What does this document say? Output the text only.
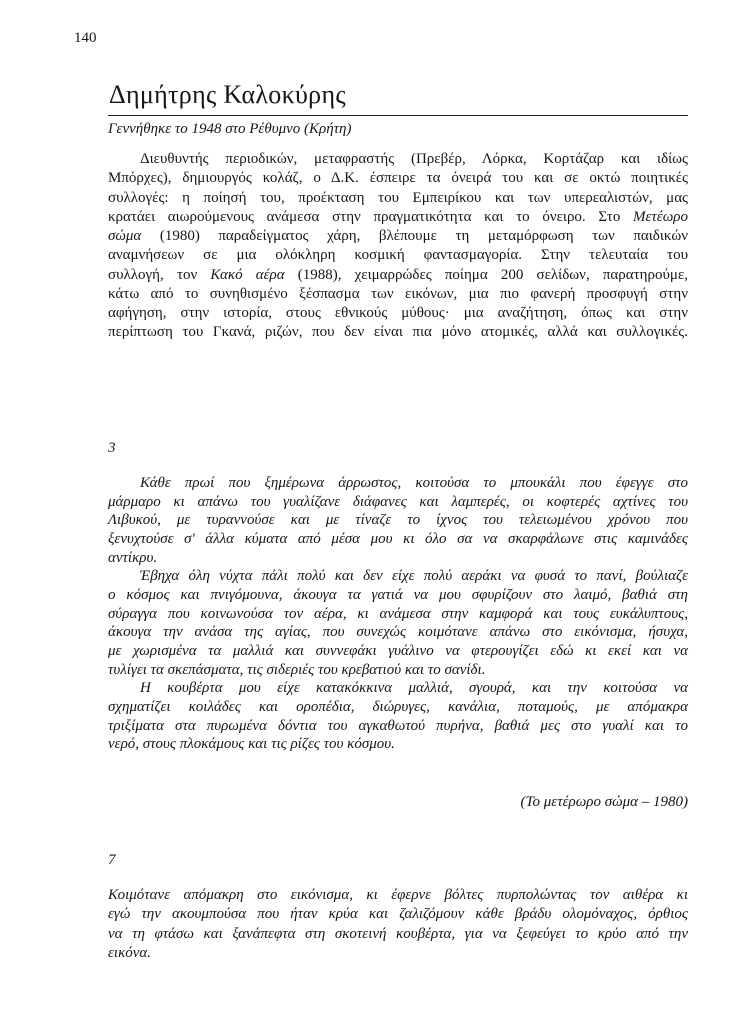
140
Δημήτρης Καλοκύρης
Γεννήθηκε το 1948 στο Ρέθυμνο (Κρήτη)
Διευθυντής περιοδικών, μεταφραστής (Πρεβέρ, Λόρκα, Κορτάζαρ και ιδίως
Μπόρχες), δημιουργός κολάζ, ο Δ.Κ. έσπειρε τα όνειρά του και σε οκτώ ποιητικές
συλλογές: η ποίησή του, προέκταση του Εμπειρίκου και των υπερεαλιστών, μας
κρατάει αιωρούμενους ανάμεσα στην πραγματικότητα και το όνειρο. Στο Μετέωρο
σώμα (1980) παραδείγματος χάρη, βλέπουμε τη μεταμόρφωση των παιδικών
αναμνήσεων σε μια ολόκληρη κοσμική φαντασμαγορία. Στην τελευταία του
συλλογή, τον Κακό αέρα (1988), χειμαρρώδες ποίημα 200 σελίδων, παρατηρούμε,
κάτω από το συνηθισμένο ξέσπασμα των εικόνων, μια πιο φανερή προσφυγή στην
αφήγηση, στην ιστορία, στους εθνικούς μύθους· μια αναζήτηση, όπως και στην
περίπτωση του Γκανά, ριζών, που δεν είναι πια μόνο ατομικές, αλλά και συλλογικές.
3
Κάθε πρωί που ξημέρωνα άρρωστος, κοιτούσα το μπουκάλι που έφεγγε στο
μάρμαρο κι απάνω του γυαλίζανε διάφανες και λαμπερές, οι κοφτερές αχτίνες του
Λιβυκού, με τυραννούσε και με τίναζε το ίχνος του τελειωμένου χρόνου που
ξενυχτούσε σ' άλλα κύματα από μέσα μου κι όλο σα να σκαρφάλωνε στις καμινάδες
αντίκρυ.
Έβηχα όλη νύχτα πάλι πολύ και δεν είχε πολύ αεράκι να φυσά το πανί, βούλιαζε
ο κόσμος και πνιγόμουνα, άκουγα τα γατιά να μου σφυρίζουν στο λαιμό, βαθιά στη
σύραγγα που κοινωνούσα τον αέρα, κι ανάμεσα στην καμφορά και τους ευκάλυπτους,
άκουγα την ανάσα της αγίας, που συνεχώς κοιμότανε απάνω στο εικόνισμα, ήσυχα,
με χωρισμένα τα μαλλιά και συννεφάκι γυάλινο να φτερουγίζει εδώ κι εκεί και να
τυλίγει τα σκεπάσματα, τις σιδεριές του κρεβατιού και το σανίδι.
Η κουβέρτα μου είχε κατακόκκινα μαλλιά, σγουρά, και την κοιτούσα να
σχηματίζει κοιλάδες και οροπέδια, διώρυγες, κανάλια, ποταμούς, με απόμακρα
τριξίματα στα πυρωμένα δόντια του αγκαθωτού πυρήνα, βαθιά μες στο γυαλί και το
νερό, στους πλοκάμους και τις ρίζες του κόσμου.
(Το μετέρωρο σώμα – 1980)
7
Κοιμότανε απόμακρη στο εικόνισμα, κι έφερνε βόλτες πυρπολώντας τον αιθέρα κι
εγώ την ακουμπούσα που ήταν κρύα και ζαλιζόμουν κάθε βράδυ ολομόναχος, όρθιος
να τη φτάσω και ξανάπεφτα στη σκοτεινή κουβέρτα, για να ξεφεύγει το κρύο από την
εικόνα.
